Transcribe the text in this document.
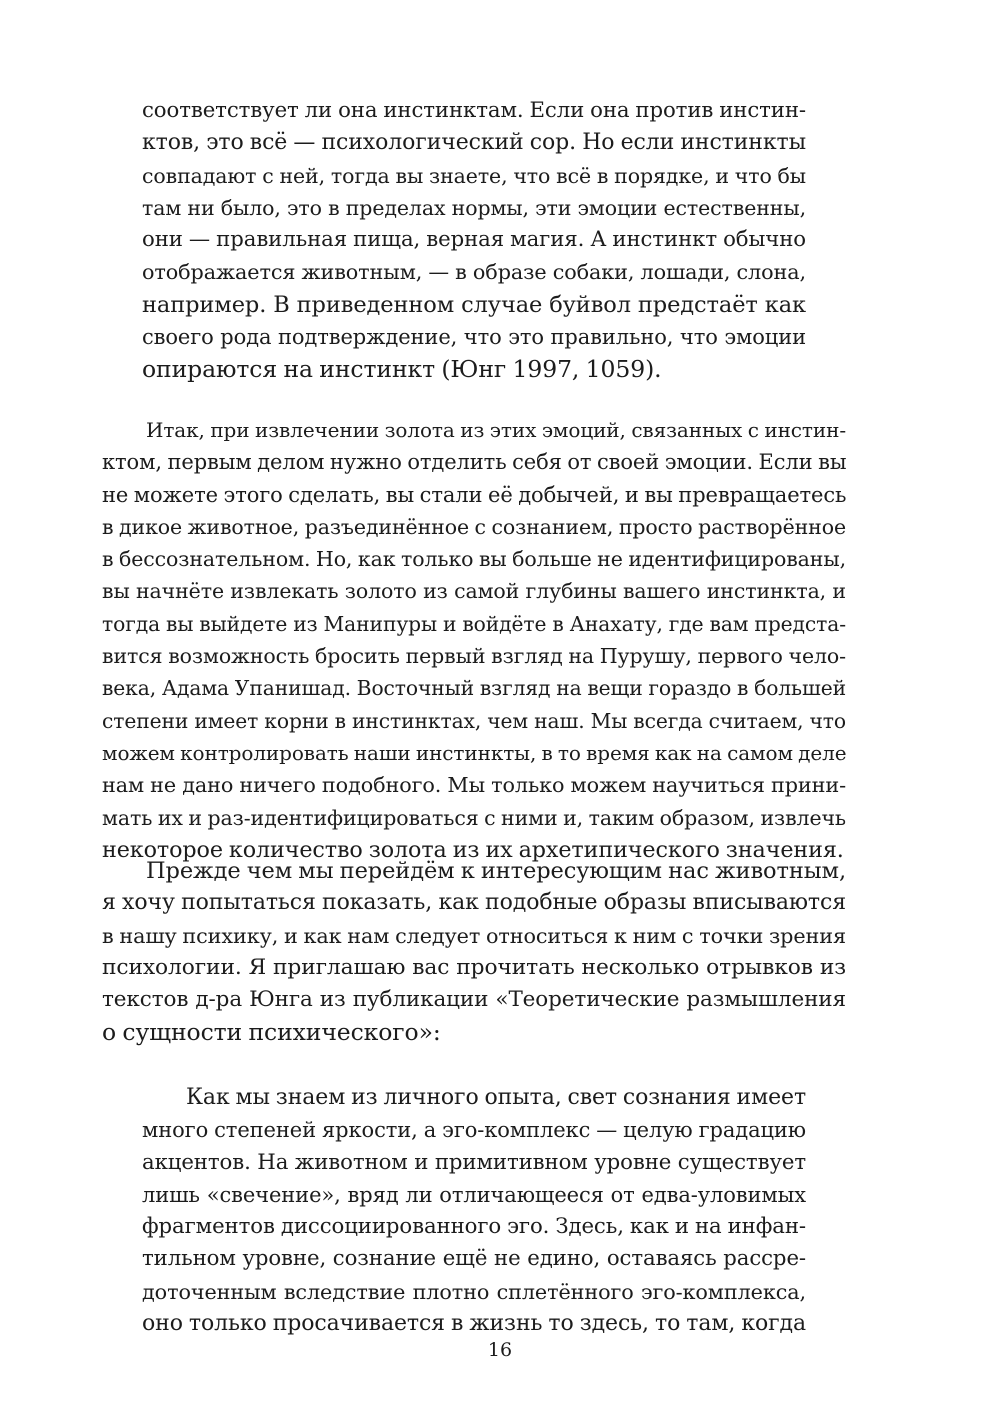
соответствует ли она инстинктам. Если она против инстин-
ктов, это всё — психологический сор. Но если инстинкты
совпадают с ней, тогда вы знаете, что всё в порядке, и что бы
там ни было, это в пределах нормы, эти эмоции естественны,
они — правильная пища, верная магия. А инстинкт обычно
отображается животным, — в образе собаки, лошади, слона,
например. В приведенном случае буйвол предстаёт как
своего рода подтверждение, что это правильно, что эмоции
опираются на инстинкт (Юнг 1997, 1059).
Итак, при извлечении золота из этих эмоций, связанных с инстин-
ктом, первым делом нужно отделить себя от своей эмоции. Если вы
не можете этого сделать, вы стали её добычей, и вы превращаетесь
в дикое животное, разъединённое с сознанием, просто растворённое
в бессознательном. Но, как только вы больше не идентифицированы,
вы начнёте извлекать золото из самой глубины вашего инстинкта, и
тогда вы выйдете из Манипуры и войдёте в Анахату, где вам предста-
вится возможность бросить первый взгляд на Пурушу, первого чело-
века, Адама Упанишад. Восточный взгляд на вещи гораздо в большей
степени имеет корни в инстинктах, чем наш. Мы всегда считаем, что
можем контролировать наши инстинкты, в то время как на самом деле
нам не дано ничего подобного. Мы только можем научиться прини-
мать их и раз-идентифицироваться с ними и, таким образом, извлечь
некоторое количество золота из их архетипического значения.
Прежде чем мы перейдём к интересующим нас животным,
я хочу попытаться показать, как подобные образы вписываются
в нашу психику, и как нам следует относиться к ним с точки зрения
психологии. Я приглашаю вас прочитать несколько отрывков из
текстов д-ра Юнга из публикации «Теоретические размышления
о сущности психического»:
Как мы знаем из личного опыта, свет сознания имеет
много степеней яркости, а эго-комплекс — целую градацию
акцентов. На животном и примитивном уровне существует
лишь «свечение», вряд ли отличающееся от едва-уловимых
фрагментов диссоциированного эго. Здесь, как и на инфан-
тильном уровне, сознание ещё не едино, оставаясь рассре-
доточенным вследствие плотно сплетённого эго-комплекса,
оно только просачивается в жизнь то здесь, то там, когда
16
